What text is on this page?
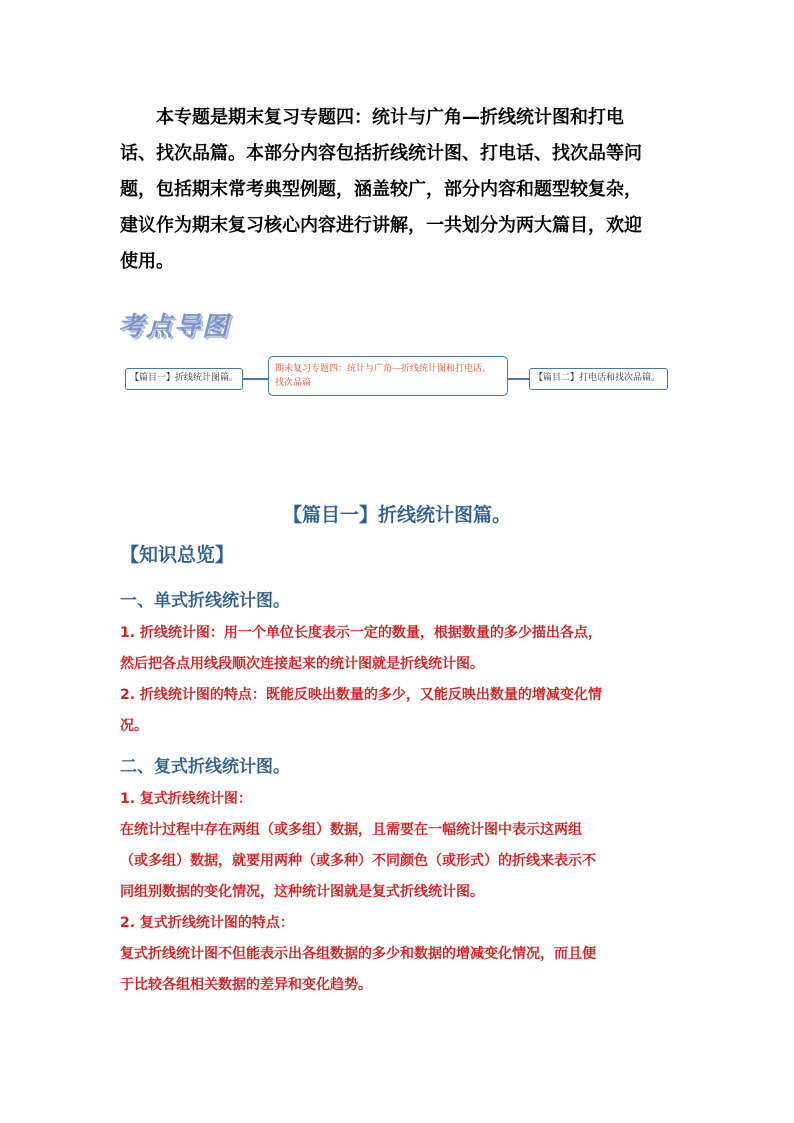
本专题是期末复习专题四：统计与广角—折线统计图和打电
话、找次品篇。本部分内容包括折线统计图、打电话、找次品等问
题，包括期末常考典型例题，涵盖较广，部分内容和题型较复杂，
建议作为期末复习核心内容进行讲解，一共划分为两大篇目，欢迎
使用。

考点导图
【篇目一】折线统计图篇。
期末复习专题四：统计与广角—折线统计图和打电话、
找次品篇	【篇目二】打电话和找次品篇。
【篇目一】折线统计图篇。
【知识总览】
一、单式折线统计图。

1. 折线统计图：用一个单位长度表示一定的数量，根据数量的多少描出各点，
然后把各点用线段顺次连接起来的统计图就是折线统计图。

2. 折线统计图的特点：既能反映出数量的多少，又能反映出数量的增减变化情
况。

二、复式折线统计图。

1. 复式折线统计图：
在统计过程中存在两组（或多组）数据，且需要在一幅统计图中表示这两组
（或多组）数据，就要用两种（或多种）不同颜色（或形式）的折线来表示不
同组别数据的变化情况，这种统计图就是复式折线统计图。

2. 复式折线统计图的特点：
复式折线统计图不但能表示出各组数据的多少和数据的增减变化情况，而且便
于比较各组相关数据的差异和变化趋势。
